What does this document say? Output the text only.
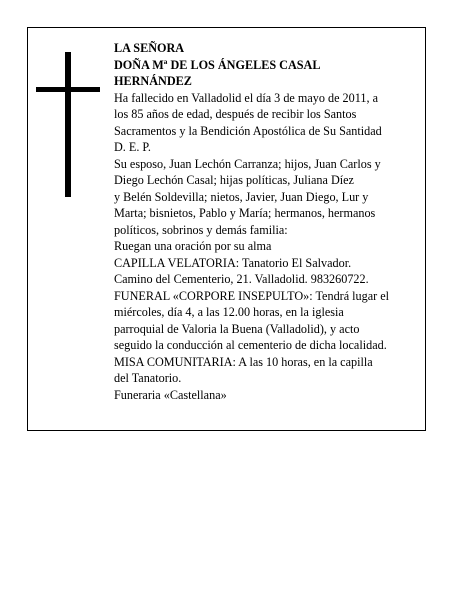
LA SEÑORA
DOÑA Mª DE LOS ÁNGELES CASAL
HERNÁNDEZ
Ha fallecido en Valladolid el día 3 de mayo de 2011, a
los 85 años de edad, después de recibir los Santos
Sacramentos y la Bendición Apostólica de Su Santidad
D. E. P.
Su esposo, Juan Lechón Carranza; hijos, Juan Carlos y
Diego Lechón Casal; hijas políticas, Juliana Díez
y Belén Soldevilla; nietos, Javier, Juan Diego, Lur y
Marta; bisnietos, Pablo y María; hermanos, hermanos
políticos, sobrinos y demás familia:
Ruegan una oración por su alma
CAPILLA VELATORIA: Tanatorio El Salvador.
Camino del Cementerio, 21. Valladolid. 983260722.
FUNERAL «CORPORE INSEPULTO»: Tendrá lugar el
miércoles, día 4, a las 12.00 horas, en la iglesia
parroquial de Valoria la Buena (Valladolid), y acto
seguido la conducción al cementerio de dicha localidad.
MISA COMUNITARIA: A las 10 horas, en la capilla
del Tanatorio.
Funeraria «Castellana»
